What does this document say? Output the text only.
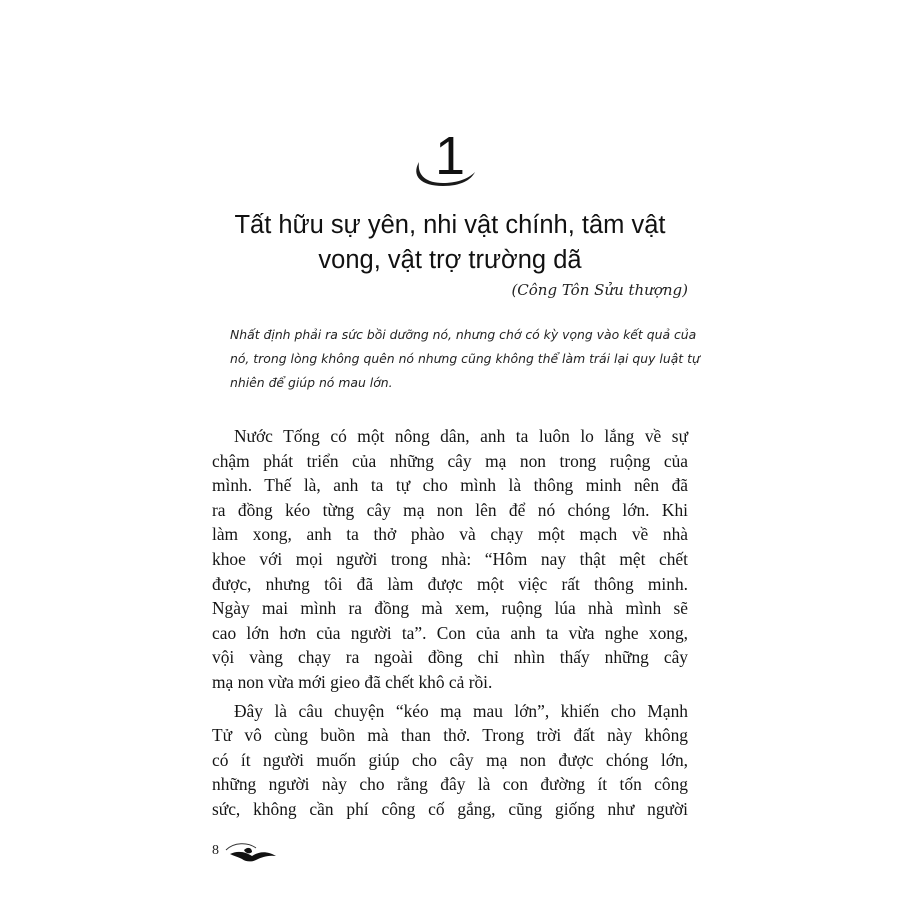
1
Tất hữu sự yên, nhi vật chính, tâm vật
vong, vật trợ trường dã
(Công Tôn Sửu thượng)
Nhất định phải ra sức bồi dưỡng nó, nhưng chớ có kỳ vọng vào kết quả của
nó, trong lòng không quên nó nhưng cũng không thể làm trái lại quy luật tự
nhiên để giúp nó mau lớn.
Nước Tống có một nông dân, anh ta luôn lo lắng về sự
chậm phát triển của những cây mạ non trong ruộng của
mình. Thế là, anh ta tự cho mình là thông minh nên đã
ra đồng kéo từng cây mạ non lên để nó chóng lớn. Khi
làm xong, anh ta thở phào và chạy một mạch về nhà
khoe với mọi người trong nhà: “Hôm nay thật mệt chết
được, nhưng tôi đã làm được một việc rất thông minh.
Ngày mai mình ra đồng mà xem, ruộng lúa nhà mình sẽ
cao lớn hơn của người ta”. Con của anh ta vừa nghe xong,
vội vàng chạy ra ngoài đồng chỉ nhìn thấy những cây
mạ non vừa mới gieo đã chết khô cả rồi.
Đây là câu chuyện “kéo mạ mau lớn”, khiến cho Mạnh
Tử vô cùng buồn mà than thở. Trong trời đất này không
có ít người muốn giúp cho cây mạ non được chóng lớn,
những người này cho rằng đây là con đường ít tốn công
sức, không cần phí công cố gắng, cũng giống như người
8
